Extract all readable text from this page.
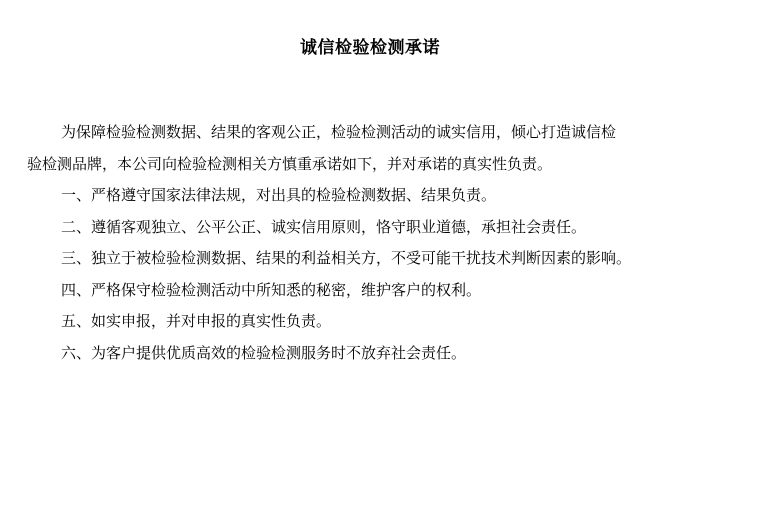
诚信检验检测承诺

为保障检验检测数据、结果的客观公正，检验检测活动的诚实信用，倾心打造诚信检
验检测品牌，本公司向检验检测相关方慎重承诺如下，并对承诺的真实性负责。

一、严格遵守国家法律法规，对出具的检验检测数据、结果负责。

二、遵循客观独立、公平公正、诚实信用原则，恪守职业道德，承担社会责任。

三、独立于被检验检测数据、结果的利益相关方，不受可能干扰技术判断因素的影响。

四、严格保守检验检测活动中所知悉的秘密，维护客户的权利。

五、如实申报，并对申报的真实性负责。

六、为客户提供优质高效的检验检测服务时不放弃社会责任。
